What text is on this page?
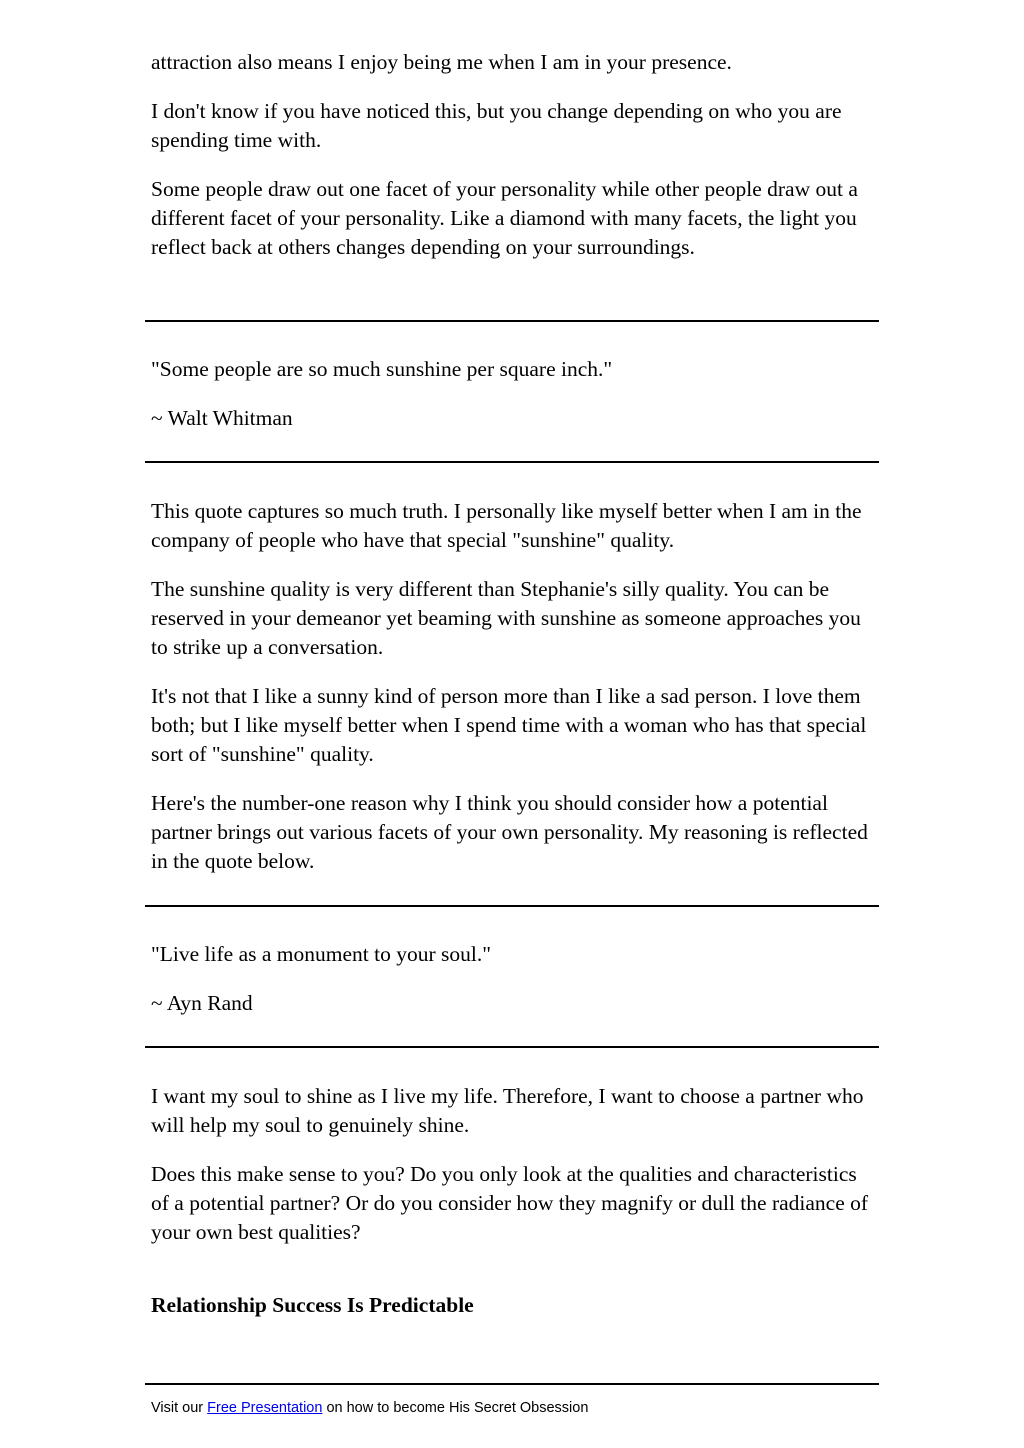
attraction also means I enjoy being me when I am in your presence.

I don't know if you have noticed this, but you change depending on who you are spending time with.

Some people draw out one facet of your personality while other people draw out a different facet of your personality. Like a diamond with many facets, the light you reflect back at others changes depending on your surroundings.

"Some people are so much sunshine per square inch."

~ Walt Whitman

This quote captures so much truth. I personally like myself better when I am in the company of people who have that special "sunshine" quality.

The sunshine quality is very different than Stephanie's silly quality. You can be reserved in your demeanor yet beaming with sunshine as someone approaches you to strike up a conversation.

It's not that I like a sunny kind of person more than I like a sad person. I love them both; but I like myself better when I spend time with a woman who has that special sort of "sunshine" quality.

Here's the number-one reason why I think you should consider how a potential partner brings out various facets of your own personality. My reasoning is reflected in the quote below.

"Live life as a monument to your soul."

~ Ayn Rand

I want my soul to shine as I live my life. Therefore, I want to choose a partner who will help my soul to genuinely shine.

Does this make sense to you? Do you only look at the qualities and characteristics of a potential partner? Or do you consider how they magnify or dull the radiance of your own best qualities?

Relationship Success Is Predictable
Visit our Free Presentation on how to become His Secret Obsession
